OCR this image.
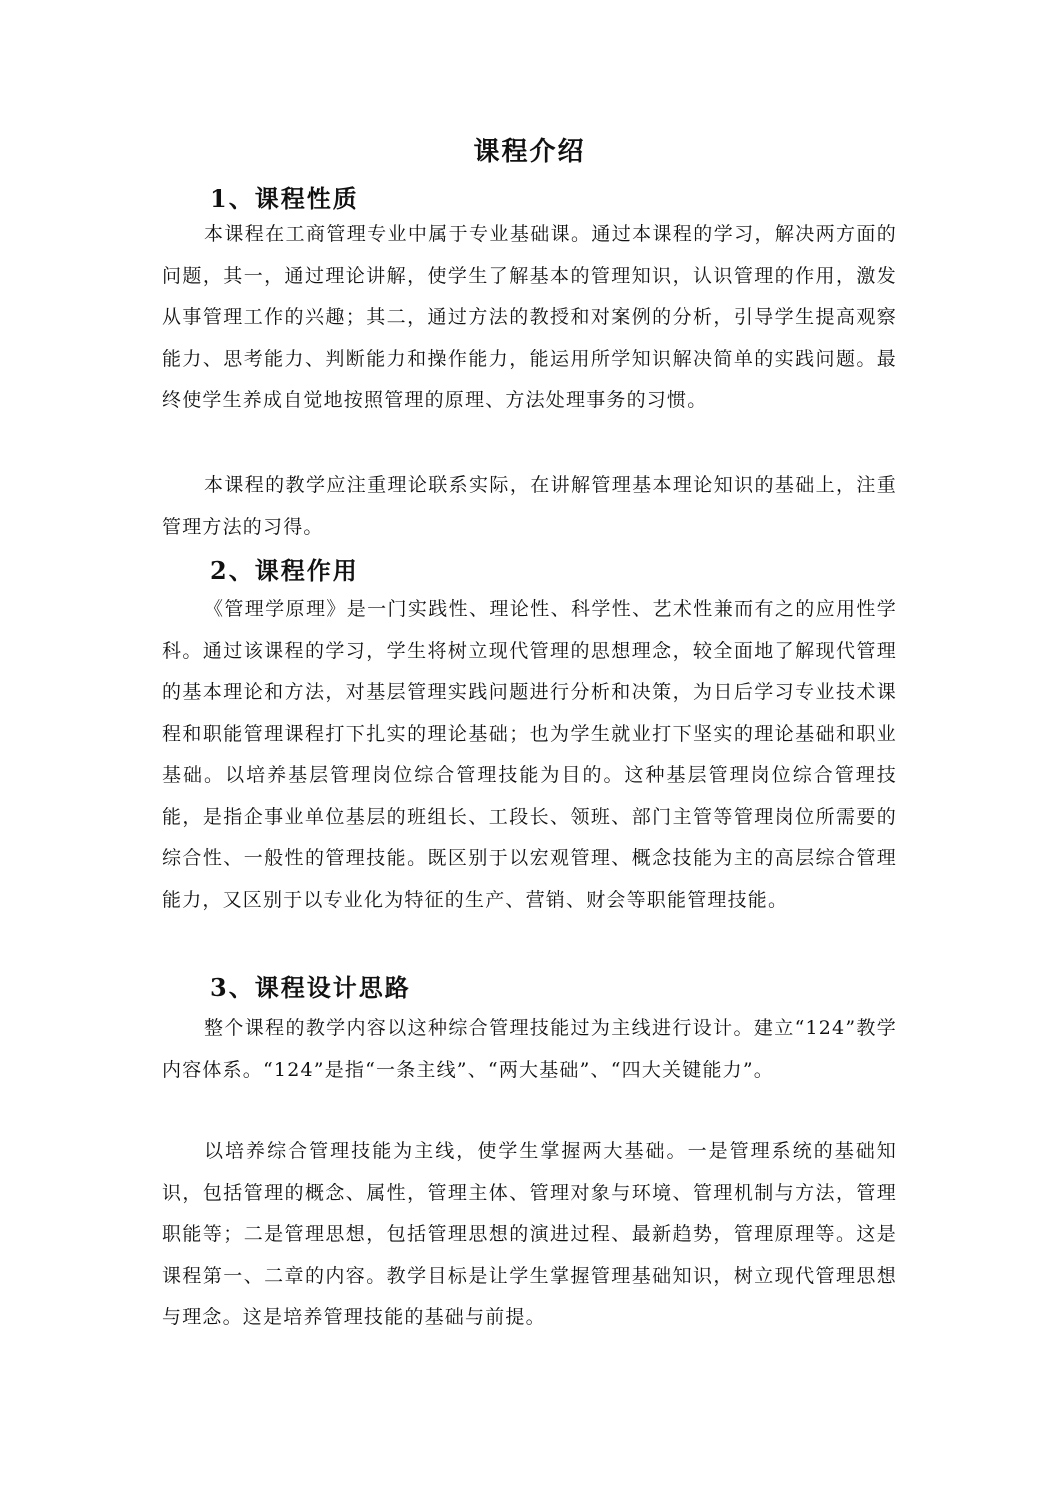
课程介绍
1、课程性质

本课程在工商管理专业中属于专业基础课。通过本课程的学习，解决两方面的问题，其一，通过理论讲解，使学生了解基本的管理知识，认识管理的作用，激发从事管理工作的兴趣；其二，通过方法的教授和对案例的分析，引导学生提高观察能力、思考能力、判断能力和操作能力，能运用所学知识解决简单的实践问题。最终使学生养成自觉地按照管理的原理、方法处理事务的习惯。

本课程的教学应注重理论联系实际，在讲解管理基本理论知识的基础上，注重管理方法的习得。

2、课程作用

《管理学原理》是一门实践性、理论性、科学性、艺术性兼而有之的应用性学科。通过该课程的学习，学生将树立现代管理的思想理念，较全面地了解现代管理的基本理论和方法，对基层管理实践问题进行分析和决策，为日后学习专业技术课程和职能管理课程打下扎实的理论基础；也为学生就业打下坚实的理论基础和职业基础。以培养基层管理岗位综合管理技能为目的。这种基层管理岗位综合管理技能，是指企事业单位基层的班组长、工段长、领班、部门主管等管理岗位所需要的综合性、一般性的管理技能。既区别于以宏观管理、概念技能为主的高层综合管理能力，又区别于以专业化为特征的生产、营销、财会等职能管理技能。

3、课程设计思路

整个课程的教学内容以这种综合管理技能过为主线进行设计。建立“124”教学内容体系。“124”是指“一条主线”、“两大基础”、“四大关键能力”。

以培养综合管理技能为主线，使学生掌握两大基础。一是管理系统的基础知识，包括管理的概念、属性，管理主体、管理对象与环境、管理机制与方法，管理职能等；二是管理思想，包括管理思想的演进过程、最新趋势，管理原理等。这是课程第一、二章的内容。教学目标是让学生掌握管理基础知识，树立现代管理思想与理念。这是培养管理技能的基础与前提。
